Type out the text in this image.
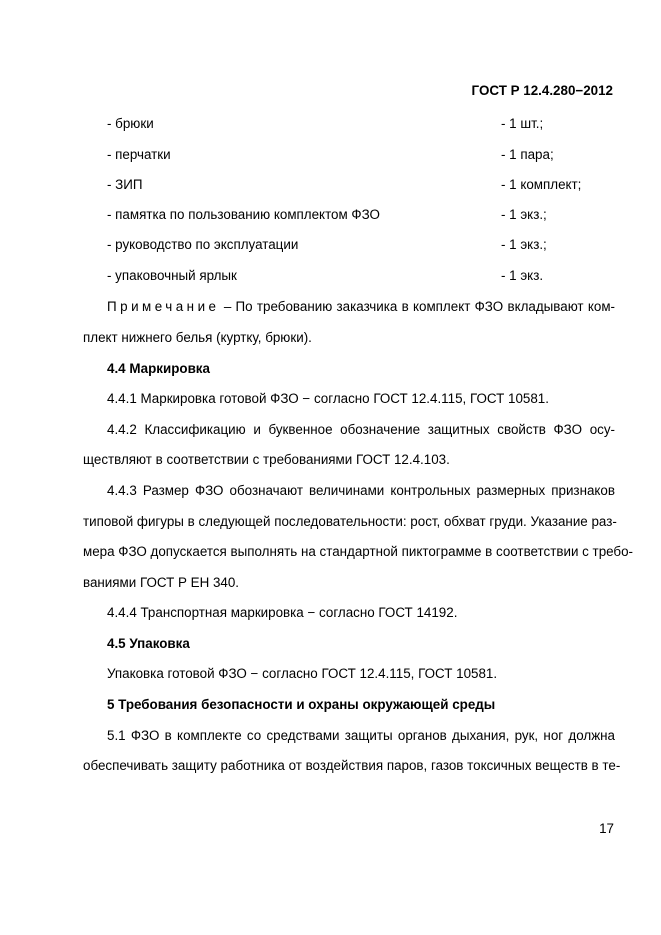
ГОСТ Р 12.4.280−2012
- брюки	- 1 шт.;
- перчатки	- 1 пара;
- ЗИП	- 1 комплект;
- памятка по пользованию комплектом ФЗО	- 1 экз.;
- руководство по эксплуатации	- 1 экз.;
- упаковочный ярлык	- 1 экз.
Примечание – По требованию заказчика в комплект ФЗО вкладывают ком-
плект нижнего белья (куртку, брюки).
4.4 Маркировка
4.4.1 Маркировка готовой ФЗО − согласно ГОСТ 12.4.115, ГОСТ 10581.
4.4.2 Классификацию и буквенное обозначение защитных свойств ФЗО осу-
ществляют в соответствии с требованиями ГОСТ 12.4.103.
4.4.3 Размер ФЗО обозначают величинами контрольных размерных признаков
типовой фигуры в следующей последовательности: рост, обхват груди. Указание раз-
мера ФЗО допускается выполнять на стандартной пиктограмме в соответствии с требо-
ваниями ГОСТ Р ЕН 340.
4.4.4 Транспортная маркировка − согласно ГОСТ 14192.
4.5 Упаковка
Упаковка готовой ФЗО − согласно ГОСТ 12.4.115, ГОСТ 10581.
5 Требования безопасности и охраны окружающей среды
5.1 ФЗО в комплекте со средствами защиты органов дыхания, рук, ног должна
обеспечивать защиту работника от воздействия паров, газов токсичных веществ в те-
17
